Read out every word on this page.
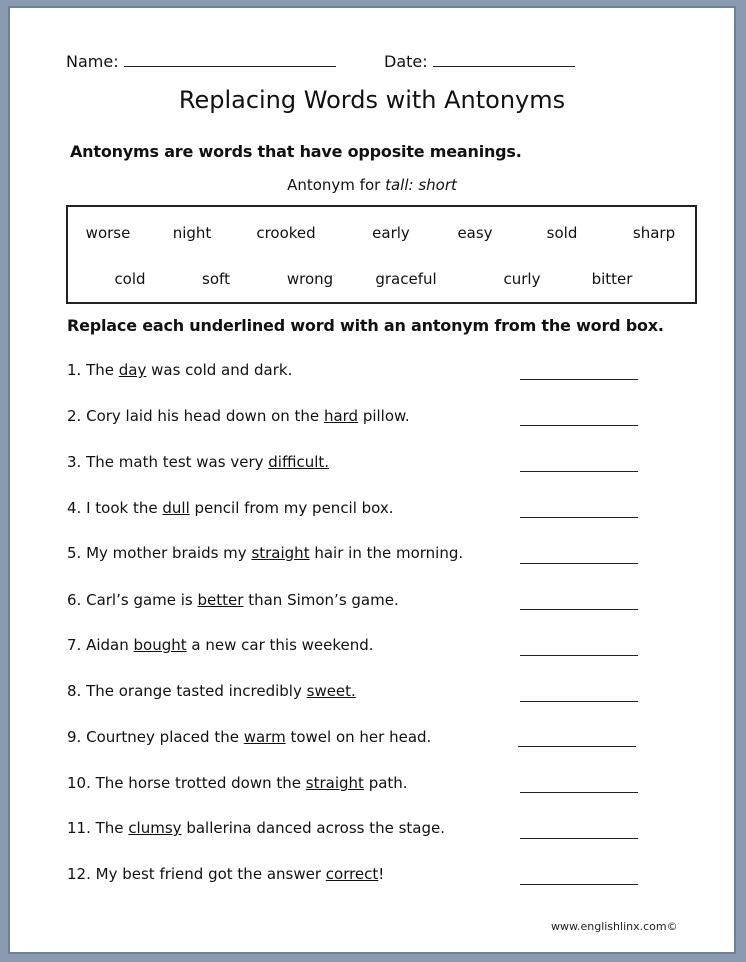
Name:	Date:
Replacing Words with Antonyms
Antonyms are words that have opposite meanings.
Antonym for tall: short
worse	night	crooked	early	easy	sold	sharp
cold	soft	wrong	graceful	curly	bitter
Replace each underlined word with an antonym from the word box.
1. The day was cold and dark.
2. Cory laid his head down on the hard pillow.
3. The math test was very difficult.
4. I took the dull pencil from my pencil box.
5. My mother braids my straight hair in the morning.
6. Carl’s game is better than Simon’s game.
7. Aidan bought a new car this weekend.
8. The orange tasted incredibly sweet.
9. Courtney placed the warm towel on her head.
10. The horse trotted down the straight path.
11. The clumsy ballerina danced across the stage.
12. My best friend got the answer correct!
www.englishlinx.com©
